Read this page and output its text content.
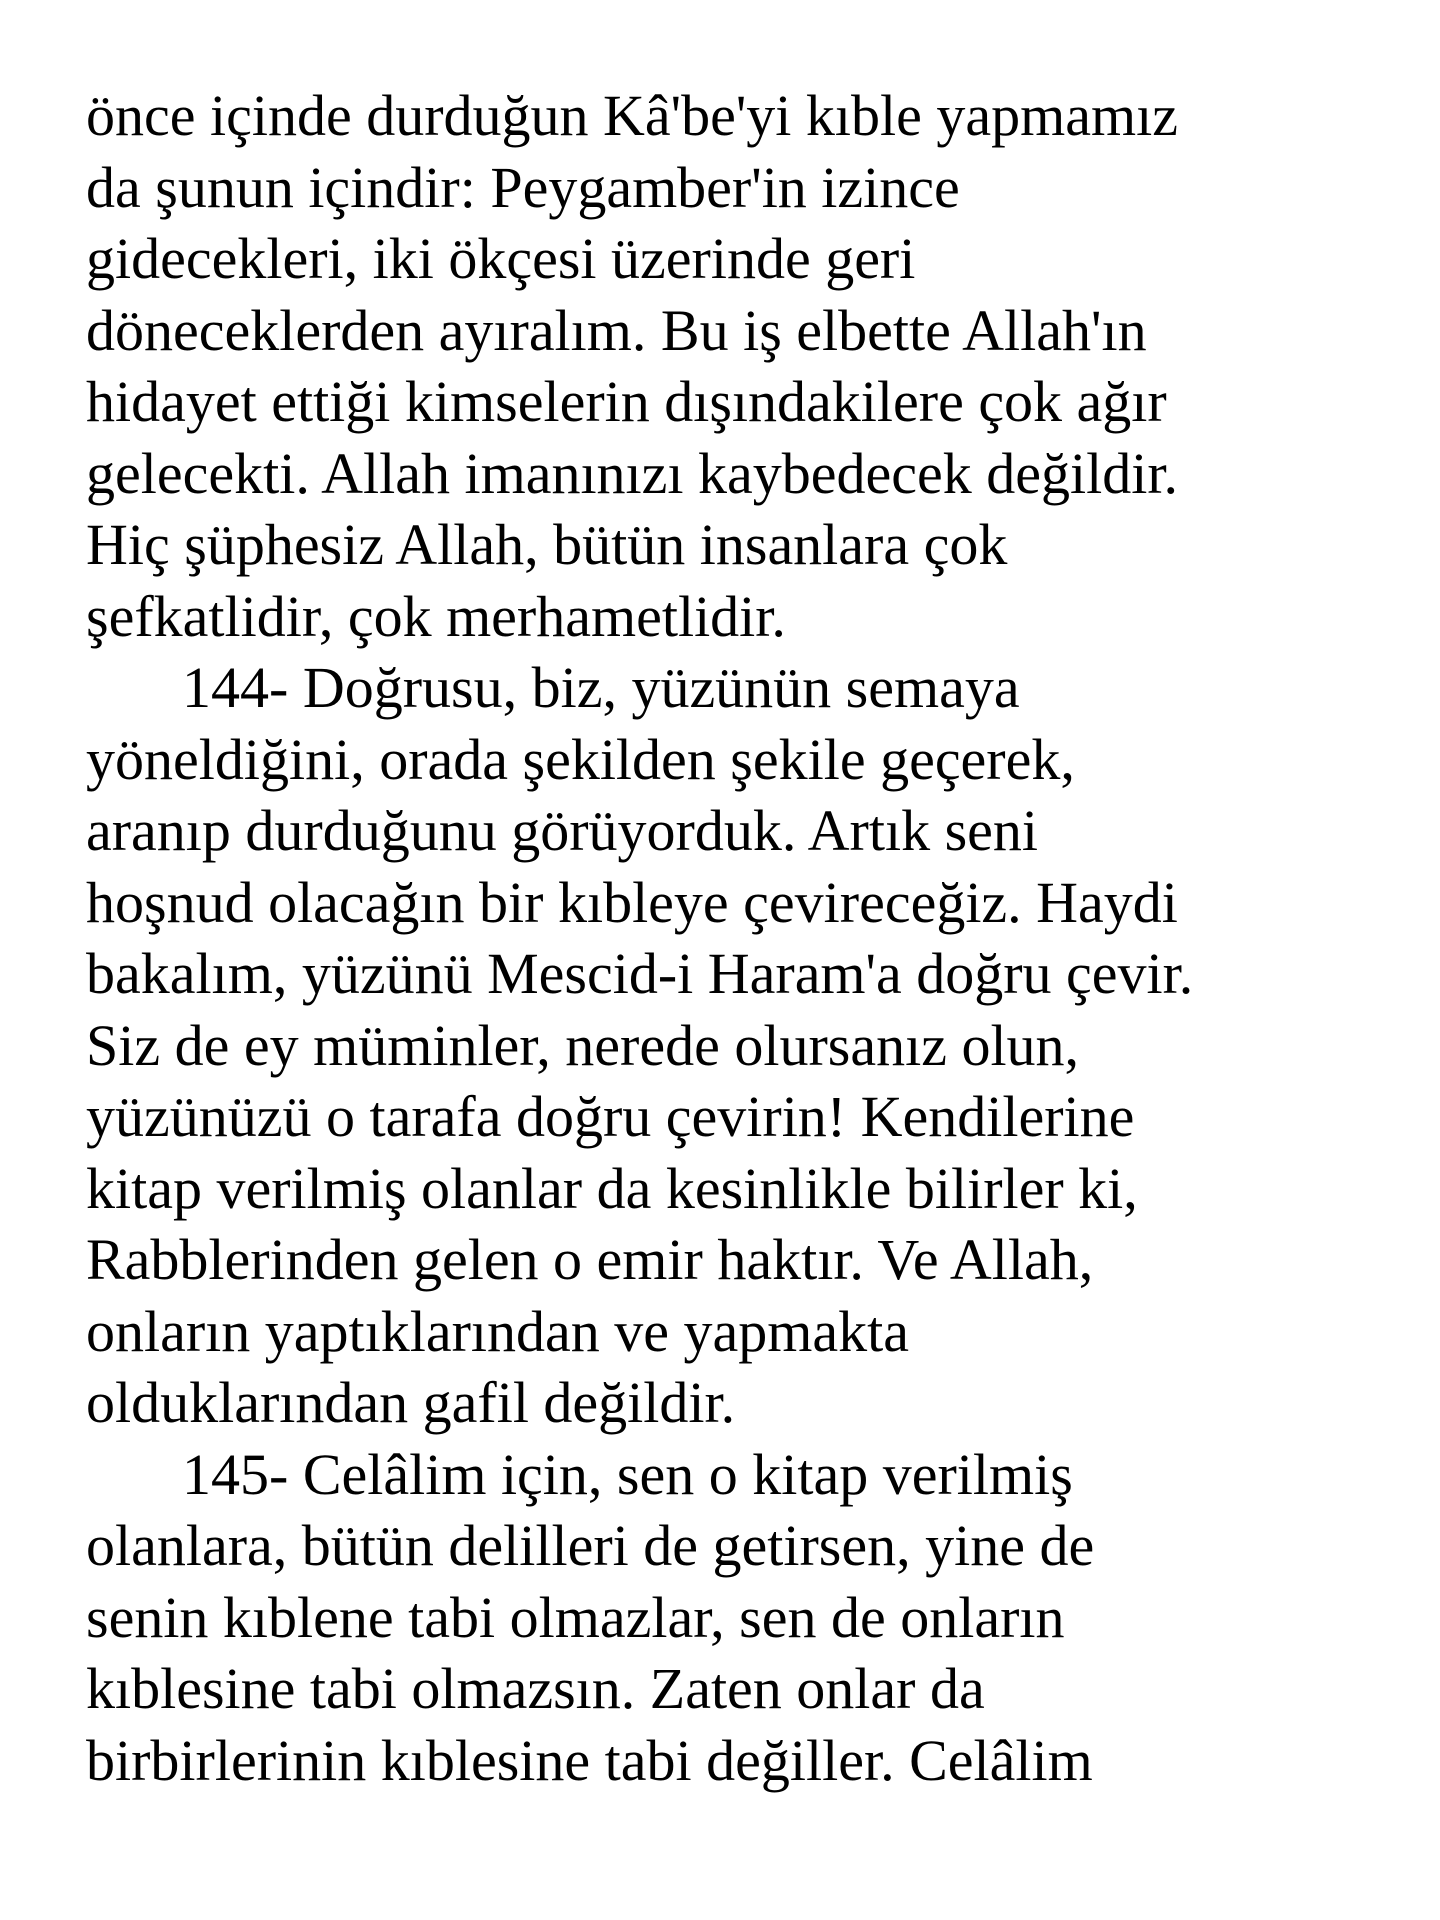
önce içinde durduğun Kâ'be'yi kıble yapmamız
da şunun içindir: Peygamber'in izince
gidecekleri, iki ökçesi üzerinde geri
döneceklerden ayıralım. Bu iş elbette Allah'ın
hidayet ettiği kimselerin dışındakilere çok ağır
gelecekti. Allah imanınızı kaybedecek değildir.
Hiç şüphesiz Allah, bütün insanlara çok
şefkatlidir, çok merhametlidir.
144- Doğrusu, biz, yüzünün semaya
yöneldiğini, orada şekilden şekile geçerek,
aranıp durduğunu görüyorduk. Artık seni
hoşnud olacağın bir kıbleye çevireceğiz. Haydi
bakalım, yüzünü Mescid-i Haram'a doğru çevir.
Siz de ey müminler, nerede olursanız olun,
yüzünüzü o tarafa doğru çevirin! Kendilerine
kitap verilmiş olanlar da kesinlikle bilirler ki,
Rabblerinden gelen o emir haktır. Ve Allah,
onların yaptıklarından ve yapmakta
olduklarından gafil değildir.
145- Celâlim için, sen o kitap verilmiş
olanlara, bütün delilleri de getirsen, yine de
senin kıblene tabi olmazlar, sen de onların
kıblesine tabi olmazsın. Zaten onlar da
birbirlerinin kıblesine tabi değiller. Celâlim
